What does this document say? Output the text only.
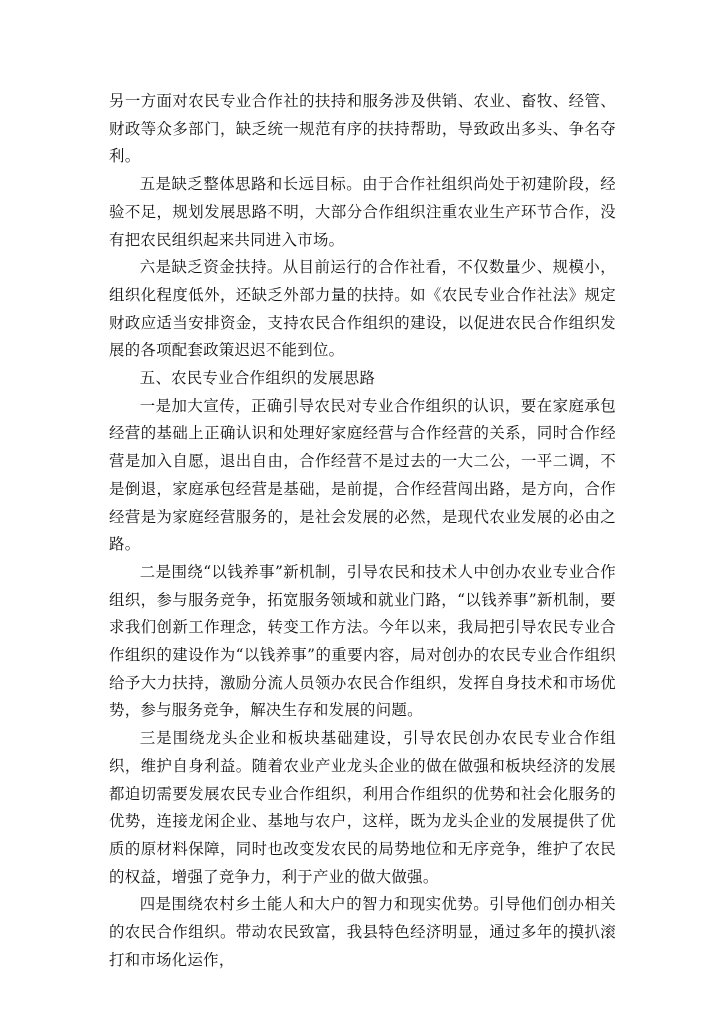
另一方面对农民专业合作社的扶持和服务涉及供销、农业、畜牧、经管、财政等众多部门，缺乏统一规范有序的扶持帮助，导致政出多头、争名夺利。

五是缺乏整体思路和长远目标。由于合作社组织尚处于初建阶段，经验不足，规划发展思路不明，大部分合作组织注重农业生产环节合作，没有把农民组织起来共同进入市场。

六是缺乏资金扶持。从目前运行的合作社看，不仅数量少、规模小，组织化程度低外，还缺乏外部力量的扶持。如《农民专业合作社法》规定财政应适当安排资金，支持农民合作组织的建设，以促进农民合作组织发展的各项配套政策迟迟不能到位。

五、农民专业合作组织的发展思路

一是加大宣传，正确引导农民对专业合作组织的认识，要在家庭承包经营的基础上正确认识和处理好家庭经营与合作经营的关系，同时合作经营是加入自愿，退出自由，合作经营不是过去的一大二公，一平二调，不是倒退，家庭承包经营是基础，是前提，合作经营闯出路，是方向，合作经营是为家庭经营服务的，是社会发展的必然，是现代农业发展的必由之路。

二是围绕“以钱养事”新机制，引导农民和技术人中创办农业专业合作组织，参与服务竞争，拓宽服务领域和就业门路，“以钱养事”新机制，要求我们创新工作理念，转变工作方法。今年以来，我局把引导农民专业合作组织的建设作为“以钱养事”的重要内容，局对创办的农民专业合作组织给予大力扶持，激励分流人员领办农民合作组织，发挥自身技术和市场优势，参与服务竞争，解决生存和发展的问题。

三是围绕龙头企业和板块基础建设，引导农民创办农民专业合作组织，维护自身利益。随着农业产业龙头企业的做在做强和板块经济的发展都迫切需要发展农民专业合作组织，利用合作组织的优势和社会化服务的优势，连接龙闲企业、基地与农户，这样，既为龙头企业的发展提供了优质的原材料保障，同时也改变发农民的局势地位和无序竞争，维护了农民的权益，增强了竞争力，利于产业的做大做强。

四是围绕农村乡土能人和大户的智力和现实优势。引导他们创办相关的农民合作组织。带动农民致富，我县特色经济明显，通过多年的摸扒滚打和市场化运作，
